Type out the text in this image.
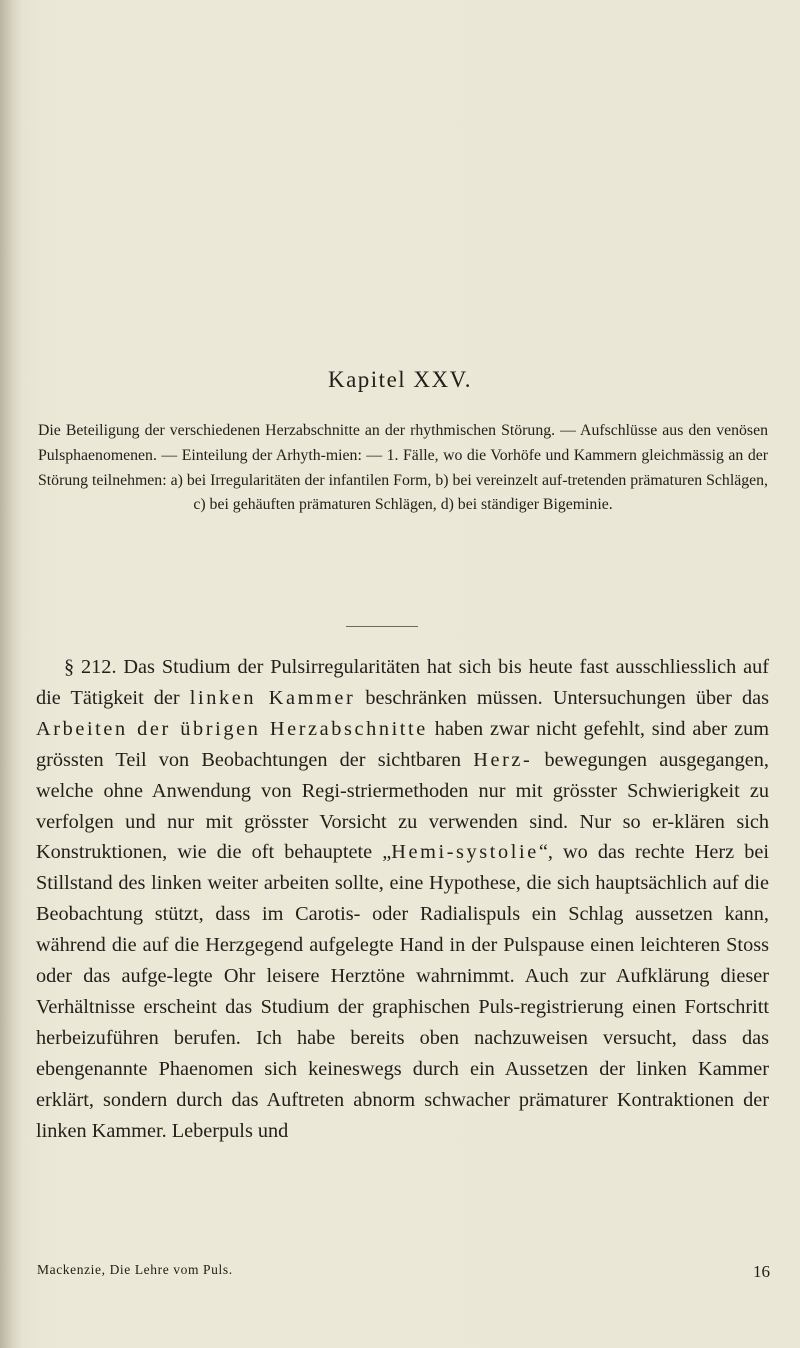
Kapitel XXV.
Die Beteiligung der verschiedenen Herzabschnitte an der rhythmischen Störung. — Aufschlüsse aus den venösen Pulsphaenomenen. — Einteilung der Arhyth-mien: — 1. Fälle, wo die Vorhöfe und Kammern gleichmässig an der Störung teilnehmen: a) bei Irregularitäten der infantilen Form, b) bei vereinzelt auf-tretenden prämaturen Schlägen, c) bei gehäuften prämaturen Schlägen, d) bei ständiger Bigeminie.
§ 212. Das Studium der Pulsirregularitäten hat sich bis heute fast ausschliesslich auf die Tätigkeit der linken Kammer beschränken müssen. Untersuchungen über das Arbeiten der übrigen Herzabschnitte haben zwar nicht gefehlt, sind aber zum grössten Teil von Beobachtungen der sichtbaren Herz- bewegungen ausgegangen, welche ohne Anwendung von Regi-striermethoden nur mit grösster Schwierigkeit zu verfolgen und nur mit grösster Vorsicht zu verwenden sind. Nur so er-klären sich Konstruktionen, wie die oft behauptete „Hemi-systolie“, wo das rechte Herz bei Stillstand des linken weiter arbeiten sollte, eine Hypothese, die sich hauptsächlich auf die Beobachtung stützt, dass im Carotis- oder Radialispuls ein Schlag aussetzen kann, während die auf die Herzgegend aufgelegte Hand in der Pulspause einen leichteren Stoss oder das aufge-legte Ohr leisere Herztöne wahrnimmt. Auch zur Aufklärung dieser Verhältnisse erscheint das Studium der graphischen Puls-registrierung einen Fortschritt herbeizuführen berufen. Ich habe bereits oben nachzuweisen versucht, dass das ebengenannte Phaenomen sich keineswegs durch ein Aussetzen der linken Kammer erklärt, sondern durch das Auftreten abnorm schwacher prämaturer Kontraktionen der linken Kammer. Leberpuls und
Mackenzie, Die Lehre vom Puls.	16
